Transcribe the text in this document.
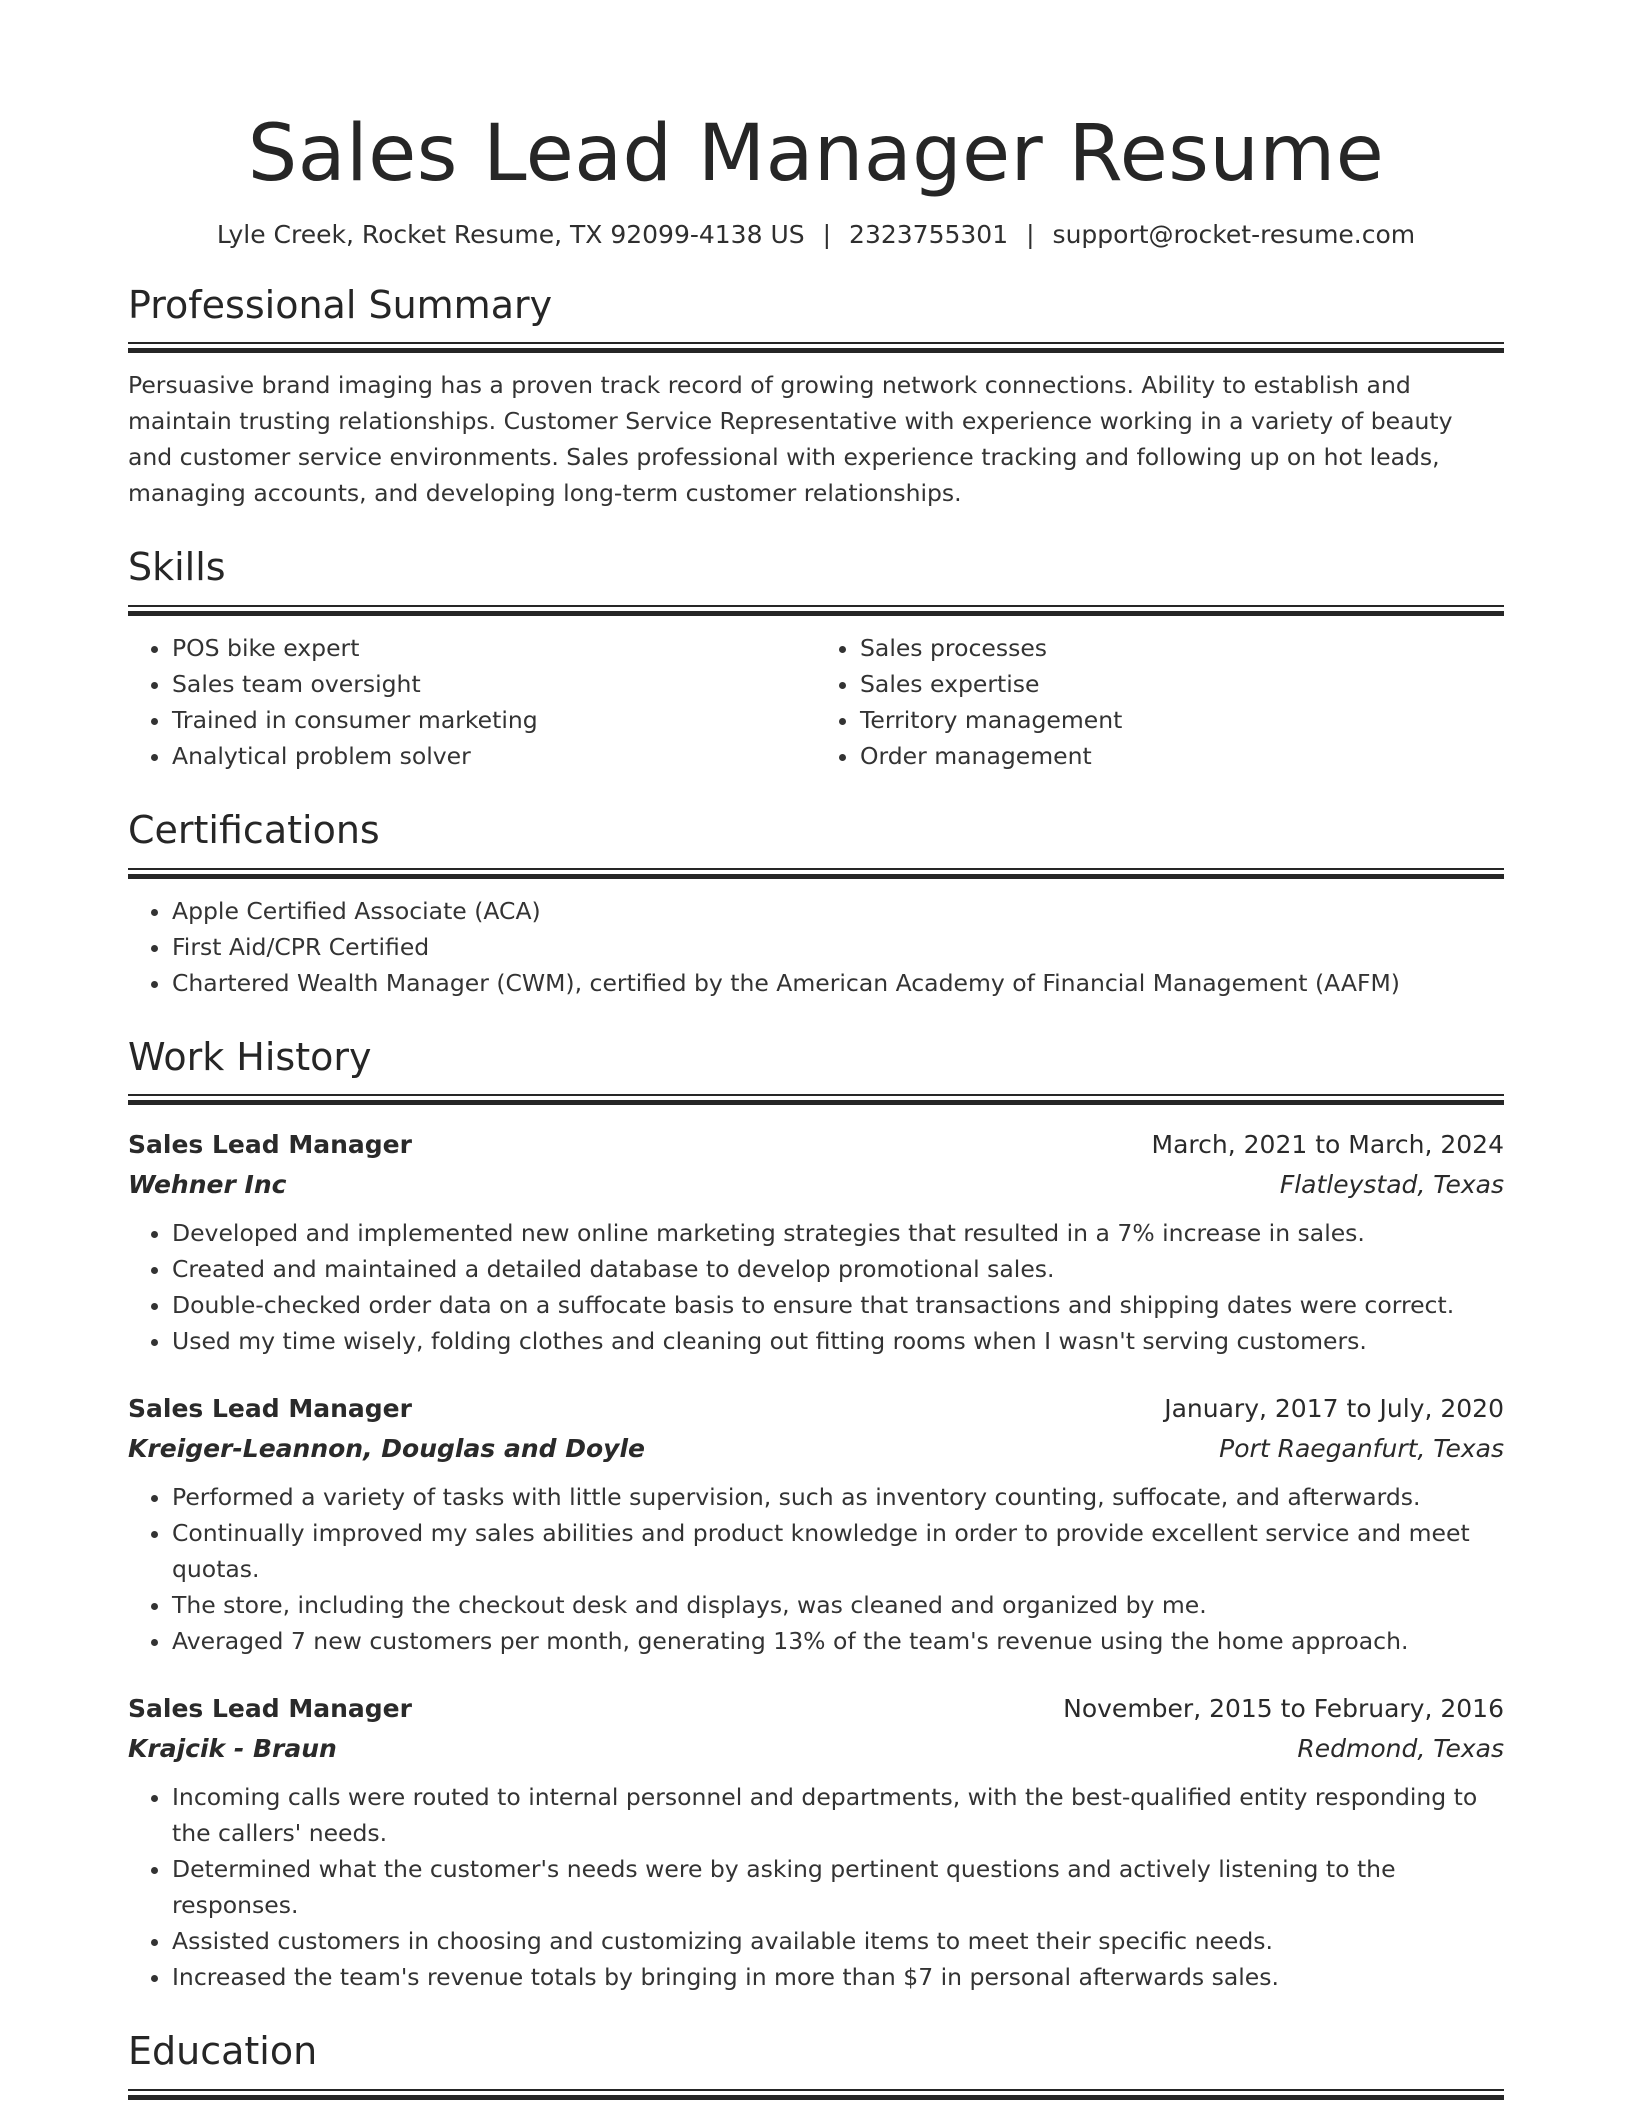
Sales Lead Manager Resume
Lyle Creek, Rocket Resume, TX 92099-4138 US | 2323755301 | support@rocket-resume.com
Professional Summary

Persuasive brand imaging has a proven track record of growing network connections. Ability to establish and maintain trusting relationships. Customer Service Representative with experience working in a variety of beauty and customer service environments. Sales professional with experience tracking and following up on hot leads, managing accounts, and developing long-term customer relationships.

Skills
• POS bike expert
• Sales team oversight
• Trained in consumer marketing
• Analytical problem solver
• Sales processes
• Sales expertise
• Territory management
• Order management
Certifications
• Apple Certified Associate (ACA)
• First Aid/CPR Certified
• Chartered Wealth Manager (CWM), certified by the American Academy of Financial Management (AAFM)
Work History
Sales Lead Manager	March, 2021 to March, 2024
Wehner Inc	Flatleystad, Texas
• Developed and implemented new online marketing strategies that resulted in a 7% increase in sales.
• Created and maintained a detailed database to develop promotional sales.
• Double-checked order data on a suffocate basis to ensure that transactions and shipping dates were correct.
• Used my time wisely, folding clothes and cleaning out fitting rooms when I wasn't serving customers.
Sales Lead Manager	January, 2017 to July, 2020
Kreiger-Leannon, Douglas and Doyle	Port Raeganfurt, Texas
• Performed a variety of tasks with little supervision, such as inventory counting, suffocate, and afterwards.
• Continually improved my sales abilities and product knowledge in order to provide excellent service and meet quotas.
• The store, including the checkout desk and displays, was cleaned and organized by me.
• Averaged 7 new customers per month, generating 13% of the team's revenue using the home approach.
Sales Lead Manager	November, 2015 to February, 2016
Krajcik - Braun	Redmond, Texas
• Incoming calls were routed to internal personnel and departments, with the best-qualified entity responding to the callers' needs.
• Determined what the customer's needs were by asking pertinent questions and actively listening to the responses.
• Assisted customers in choosing and customizing available items to meet their specific needs.
• Increased the team's revenue totals by bringing in more than $7 in personal afterwards sales.
Education
